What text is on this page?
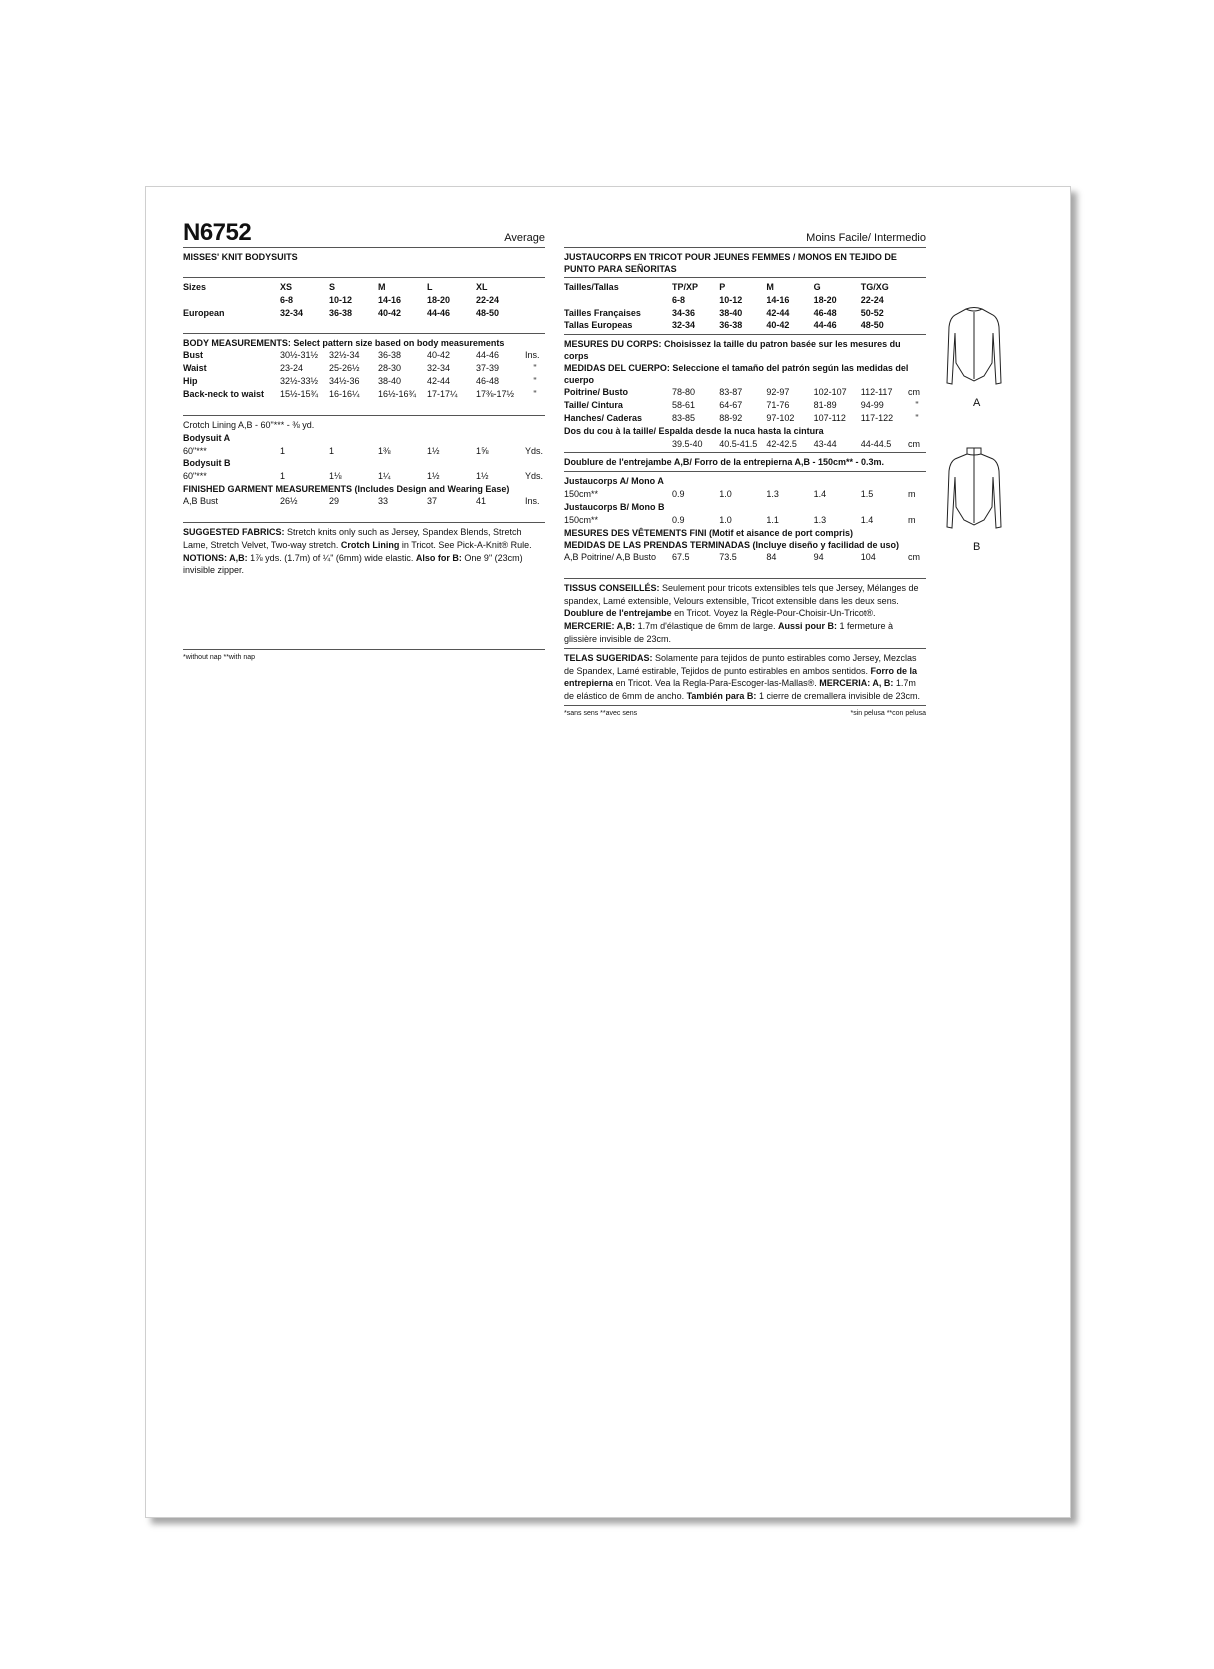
N6752	Average
MISSES' KNIT BODYSUITS
Sizes	XS	S	M	L	XL	
	6-8	10-12	14-16	18-20	22-24	
European	32-34	36-38	40-42	44-46	48-50	
BODY MEASUREMENTS: Select pattern size based on body measurements
Bust	30½-31½	32½-34	36-38	40-42	44-46	Ins.
Waist	23-24	25-26½	28-30	32-34	37-39	"
Hip	32½-33½	34½-36	38-40	42-44	46-48	"
Back-neck to waist	15½-15¾	16-16¼	16½-16¾	17-17¼	17⅜-17½	"
Crotch Lining A,B - 60"*** - ⅜ yd.
Bodysuit A
60"***	1	1	1⅜	1½	1⅝	Yds.
Bodysuit B
60"***	1	1⅛	1¼	1½	1½	Yds.
FINISHED GARMENT MEASUREMENTS (Includes Design and Wearing Ease)
A,B Bust	26½	29	33	37	41	Ins.
SUGGESTED FABRICS: Stretch knits only such as Jersey, Spandex Blends, Stretch Lame, Stretch Velvet, Two-way stretch. Crotch Lining in Tricot. See Pick-A-Knit® Rule.
NOTIONS: A,B: 1⅞ yds. (1.7m) of ¼" (6mm) wide elastic. Also for B: One 9" (23cm) invisible zipper.
*without nap **with nap
Moins Facile/ Intermedio
JUSTAUCORPS EN TRICOT POUR JEUNES FEMMES / MONOS EN TEJIDO DE PUNTO PARA SEÑORITAS
Tailles/Tallas	TP/XP	P	M	G	TG/XG	
	6-8	10-12	14-16	18-20	22-24	
Tailles Françaises	34-36	38-40	42-44	46-48	50-52	
Tallas Europeas	32-34	36-38	40-42	44-46	48-50	
MESURES DU CORPS: Choisissez la taille du patron basée sur les mesures du corps
MEDIDAS DEL CUERPO: Seleccione el tamaño del patrón según las medidas del cuerpo
Poitrine/ Busto	78-80	83-87	92-97	102-107	112-117	cm
Taille/ Cintura	58-61	64-67	71-76	81-89	94-99	"
Hanches/ Caderas	83-85	88-92	97-102	107-112	117-122	"
Dos du cou à la taille/ Espalda desde la nuca hasta la cintura
	39.5-40	40.5-41.5	42-42.5	43-44	44-44.5	cm
Doublure de l'entrejambe A,B/ Forro de la entrepierna A,B - 150cm** - 0.3m.
Justaucorps A/ Mono A
150cm**	0.9	1.0	1.3	1.4	1.5	m
Justaucorps B/ Mono B
150cm**	0.9	1.0	1.1	1.3	1.4	m
MESURES DES VÊTEMENTS FINI (Motif et aisance de port compris)
MEDIDAS DE LAS PRENDAS TERMINADAS (Incluye diseño y facilidad de uso)
A,B Poitrine/ A,B Busto	67.5	73.5	84	94	104	cm
TISSUS CONSEILLÉS: Seulement pour tricots extensibles tels que Jersey, Mélanges de spandex, Lamé extensible, Velours extensible, Tricot extensible dans les deux sens. Doublure de l'entrejambe en Tricot. Voyez la Règle-Pour-Choisir-Un-Tricot®. MERCERIE: A,B: 1.7m d'élastique de 6mm de large. Aussi pour B: 1 fermeture à glissière invisible de 23cm.
TELAS SUGERIDAS: Solamente para tejidos de punto estirables como Jersey, Mezclas de Spandex, Lamé estirable, Tejidos de punto estirables en ambos sentidos. Forro de la entrepierna en Tricot. Vea la Regla-Para-Escoger-las-Mallas®. MERCERIA: A, B: 1.7m de elástico de 6mm de ancho. También para B: 1 cierre de cremallera invisible de 23cm.
*sans sens **avec sens	*sin pelusa **con pelusa
A
B
